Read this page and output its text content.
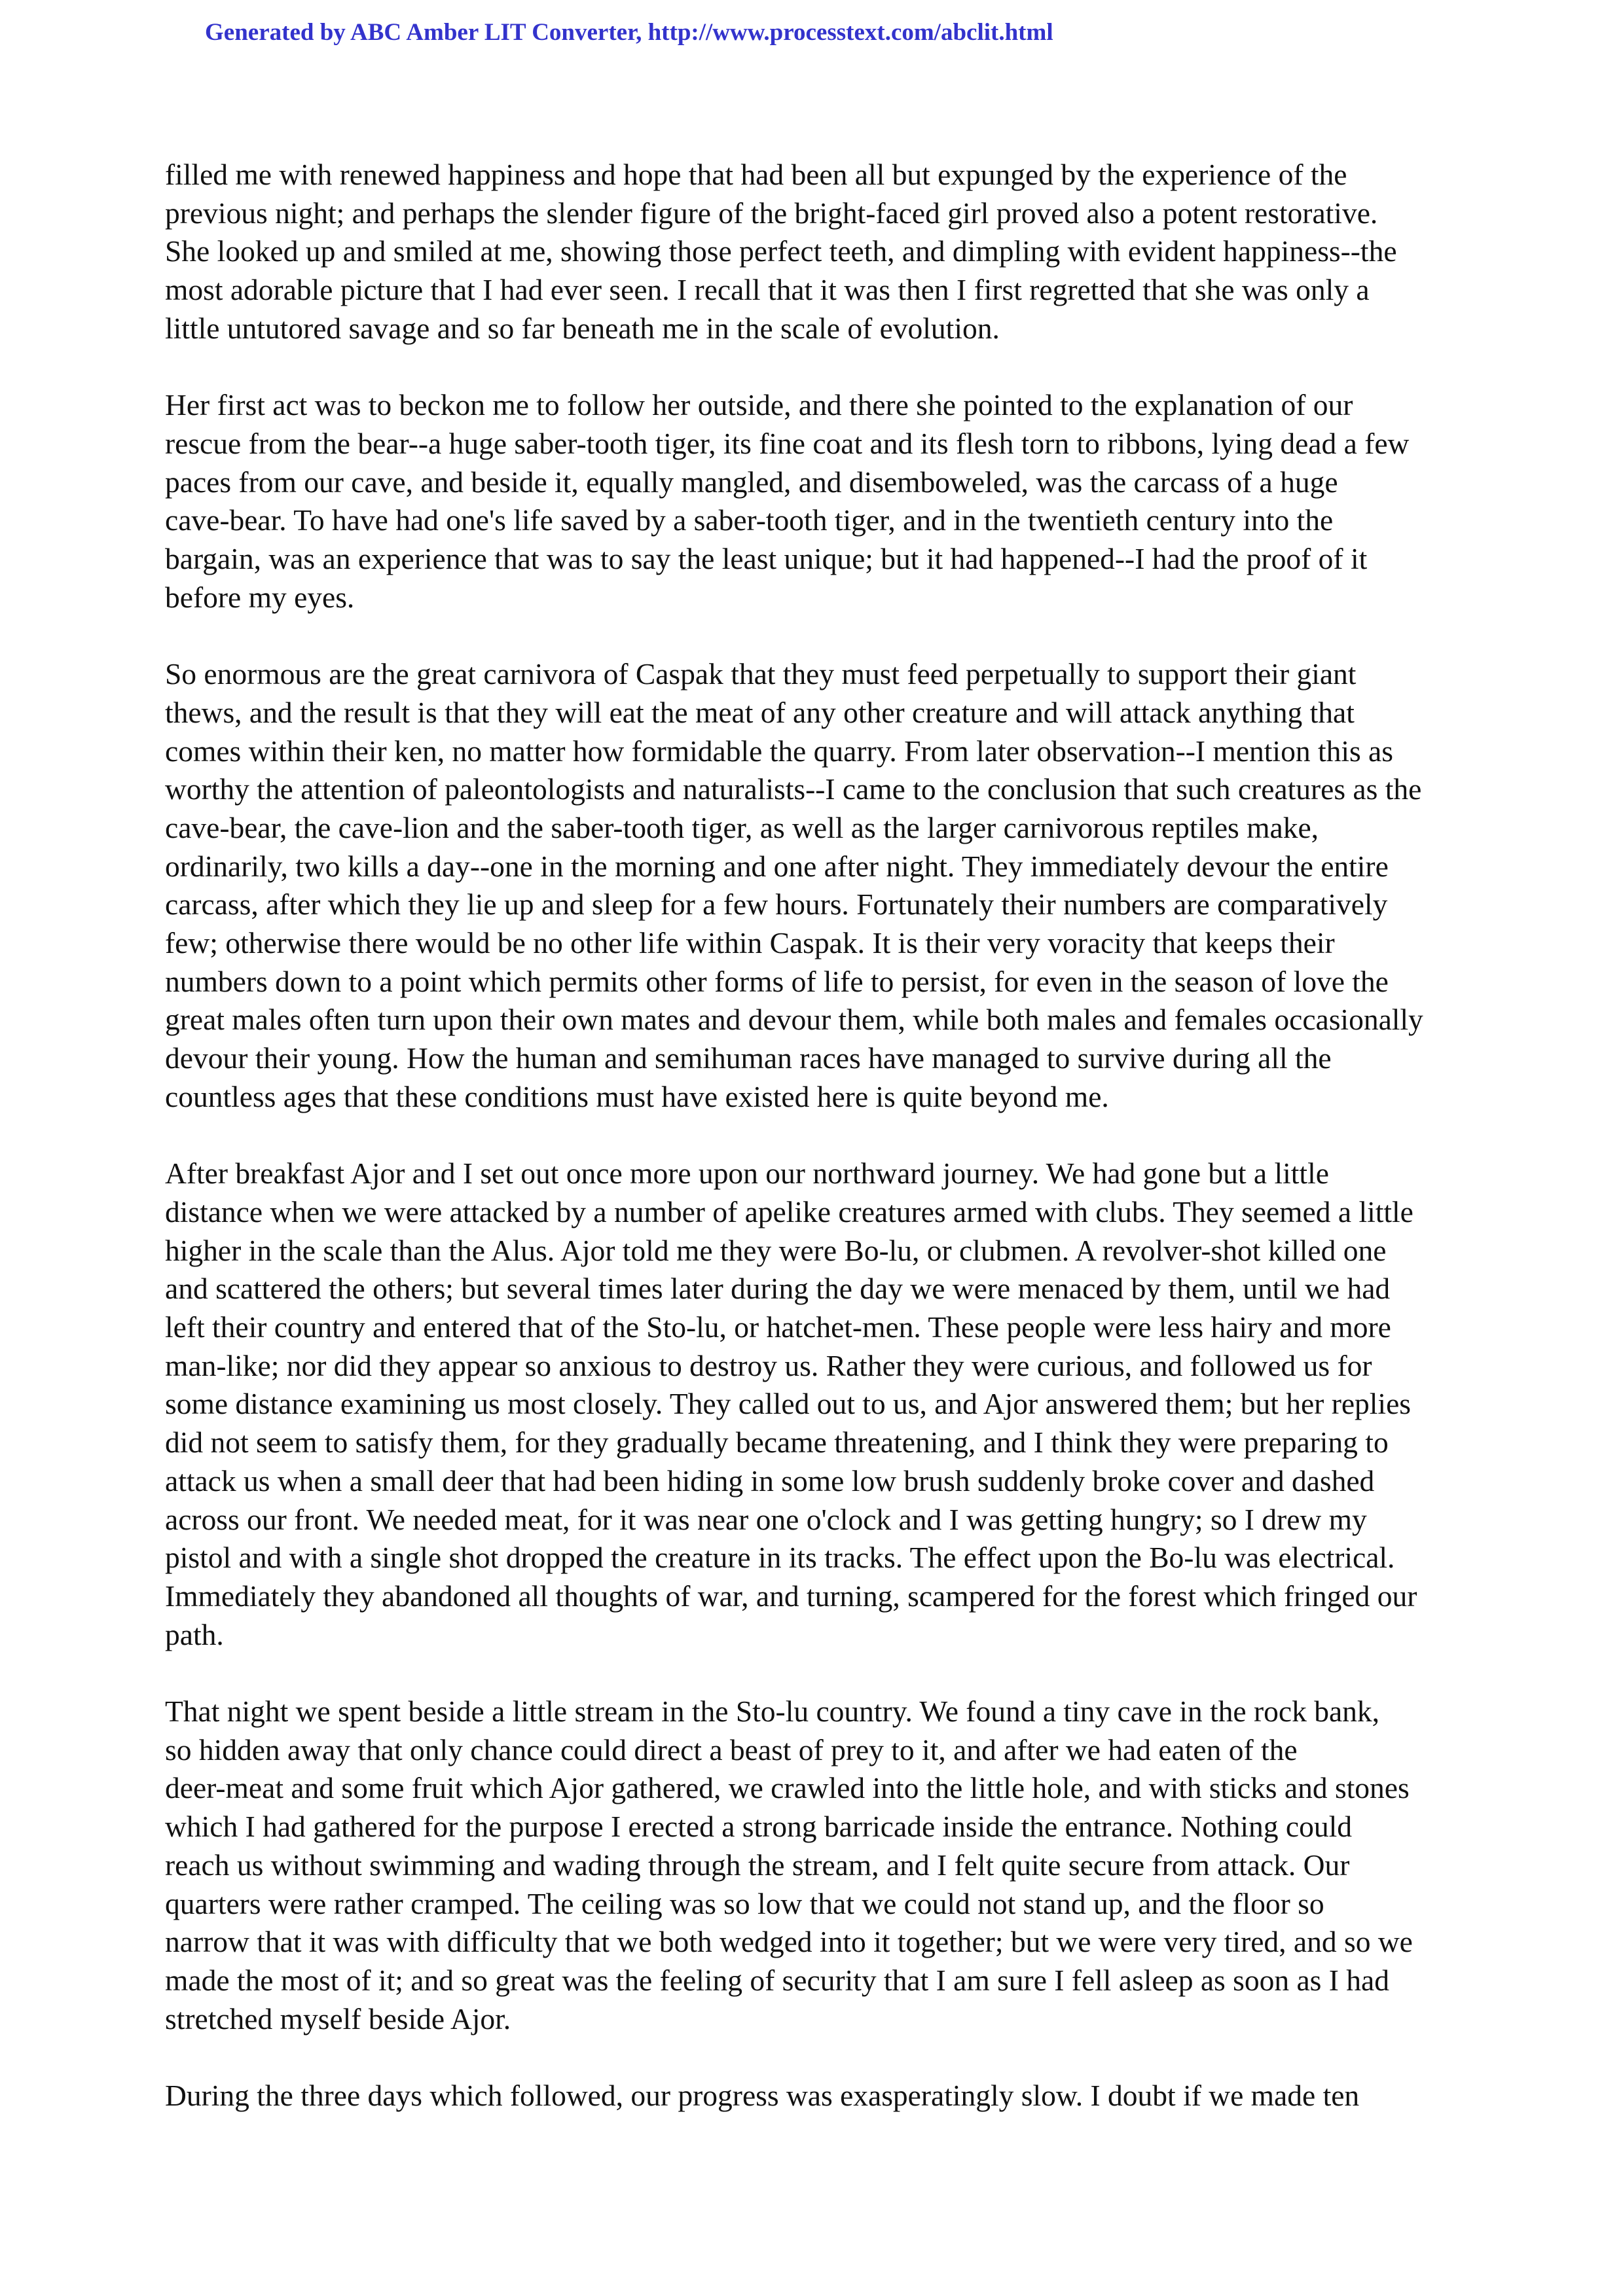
Generated by ABC Amber LIT Converter, http://www.processtext.com/abclit.html

filled me with renewed happiness and hope that had been all but expunged by the experience of the
previous night; and perhaps the slender figure of the bright-faced girl proved also a potent restorative.
She looked up and smiled at me, showing those perfect teeth, and dimpling with evident happiness--the
most adorable picture that I had ever seen. I recall that it was then I first regretted that she was only a
little untutored savage and so far beneath me in the scale of evolution.

Her first act was to beckon me to follow her outside, and there she pointed to the explanation of our
rescue from the bear--a huge saber-tooth tiger, its fine coat and its flesh torn to ribbons, lying dead a few
paces from our cave, and beside it, equally mangled, and disemboweled, was the carcass of a huge
cave-bear. To have had one's life saved by a saber-tooth tiger, and in the twentieth century into the
bargain, was an experience that was to say the least unique; but it had happened--I had the proof of it
before my eyes.

So enormous are the great carnivora of Caspak that they must feed perpetually to support their giant
thews, and the result is that they will eat the meat of any other creature and will attack anything that
comes within their ken, no matter how formidable the quarry. From later observation--I mention this as
worthy the attention of paleontologists and naturalists--I came to the conclusion that such creatures as the
cave-bear, the cave-lion and the saber-tooth tiger, as well as the larger carnivorous reptiles make,
ordinarily, two kills a day--one in the morning and one after night. They immediately devour the entire
carcass, after which they lie up and sleep for a few hours. Fortunately their numbers are comparatively
few; otherwise there would be no other life within Caspak. It is their very voracity that keeps their
numbers down to a point which permits other forms of life to persist, for even in the season of love the
great males often turn upon their own mates and devour them, while both males and females occasionally
devour their young. How the human and semihuman races have managed to survive during all the
countless ages that these conditions must have existed here is quite beyond me.

After breakfast Ajor and I set out once more upon our northward journey. We had gone but a little
distance when we were attacked by a number of apelike creatures armed with clubs. They seemed a little
higher in the scale than the Alus. Ajor told me they were Bo-lu, or clubmen. A revolver-shot killed one
and scattered the others; but several times later during the day we were menaced by them, until we had
left their country and entered that of the Sto-lu, or hatchet-men. These people were less hairy and more
man-like; nor did they appear so anxious to destroy us. Rather they were curious, and followed us for
some distance examining us most closely. They called out to us, and Ajor answered them; but her replies
did not seem to satisfy them, for they gradually became threatening, and I think they were preparing to
attack us when a small deer that had been hiding in some low brush suddenly broke cover and dashed
across our front. We needed meat, for it was near one o'clock and I was getting hungry; so I drew my
pistol and with a single shot dropped the creature in its tracks. The effect upon the Bo-lu was electrical.
Immediately they abandoned all thoughts of war, and turning, scampered for the forest which fringed our
path.

That night we spent beside a little stream in the Sto-lu country. We found a tiny cave in the rock bank,
so hidden away that only chance could direct a beast of prey to it, and after we had eaten of the
deer-meat and some fruit which Ajor gathered, we crawled into the little hole, and with sticks and stones
which I had gathered for the purpose I erected a strong barricade inside the entrance. Nothing could
reach us without swimming and wading through the stream, and I felt quite secure from attack. Our
quarters were rather cramped. The ceiling was so low that we could not stand up, and the floor so
narrow that it was with difficulty that we both wedged into it together; but we were very tired, and so we
made the most of it; and so great was the feeling of security that I am sure I fell asleep as soon as I had
stretched myself beside Ajor.

During the three days which followed, our progress was exasperatingly slow. I doubt if we made ten
